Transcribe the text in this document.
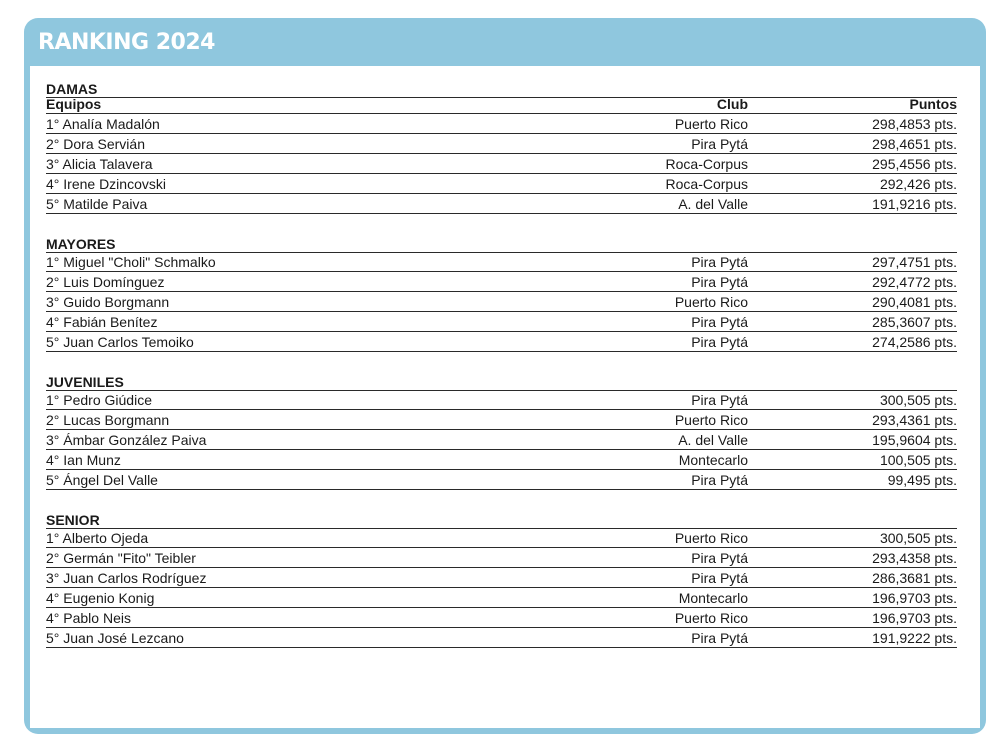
RANKING 2024
DAMAS
Equipos	Club	Puntos
1° Analía Madalón	Puerto Rico	298,4853 pts.
2° Dora Servián	Pira Pytá	298,4651 pts.
3° Alicia Talavera	Roca-Corpus	295,4556 pts.
4° Irene Dzincovski	Roca-Corpus	292,426 pts.
5° Matilde Paiva	A. del Valle	191,9216 pts.
MAYORES
1° Miguel "Choli" Schmalko	Pira Pytá	297,4751 pts.
2° Luis Domínguez	Pira Pytá	292,4772 pts.
3° Guido Borgmann	Puerto Rico	290,4081 pts.
4° Fabián Benítez	Pira Pytá	285,3607 pts.
5° Juan Carlos Temoiko	Pira Pytá	274,2586 pts.
JUVENILES
1° Pedro Giúdice	Pira Pytá	300,505 pts.
2° Lucas Borgmann	Puerto Rico	293,4361 pts.
3° Ámbar González Paiva	A. del Valle	195,9604 pts.
4° Ian Munz	Montecarlo	100,505 pts.
5° Ángel Del Valle	Pira Pytá	99,495 pts.
SENIOR
1° Alberto Ojeda	Puerto Rico	300,505 pts.
2° Germán "Fito" Teibler	Pira Pytá	293,4358 pts.
3° Juan Carlos Rodríguez	Pira Pytá	286,3681 pts.
4° Eugenio Konig	Montecarlo	196,9703 pts.
4° Pablo Neis	Puerto Rico	196,9703 pts.
5° Juan José Lezcano	Pira Pytá	191,9222 pts.
